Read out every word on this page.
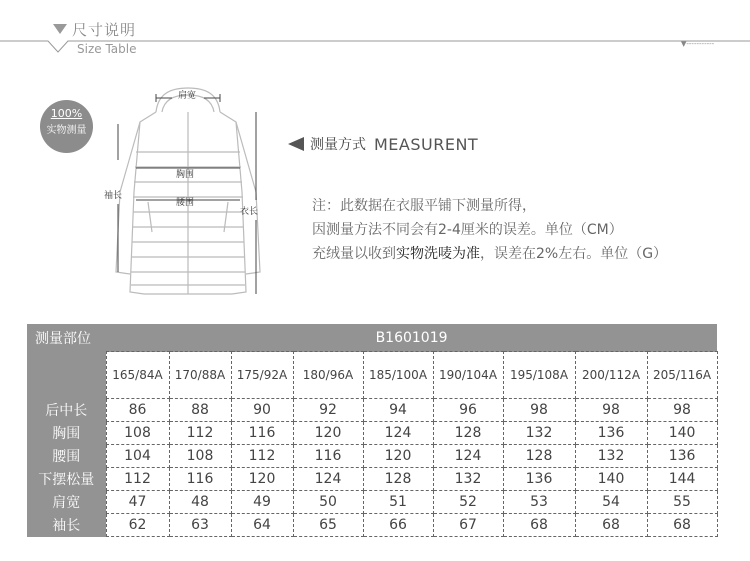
尺寸说明
Size Table	▼-----------
100%
实物测量
肩宽
胸围
腰围
袖长
衣长
测量方式 MEASURENT
注：此数据在衣服平铺下测量所得，
因测量方法不同会有2-4厘米的误差。单位（CM）
充绒量以收到实物洗唛为准，误差在2%左右。单位（G）
测量部位	B1601019								
	165/84A	170/88A	175/92A	180/96A	185/100A	190/104A	195/108A	200/112A	205/116A
后中长	86	88	90	92	94	96	98	98	98
胸围	108	112	116	120	124	128	132	136	140
腰围	104	108	112	116	120	124	128	132	136
下摆松量	112	116	120	124	128	132	136	140	144
肩宽	47	48	49	50	51	52	53	54	55
袖长	62	63	64	65	66	67	68	68	68
